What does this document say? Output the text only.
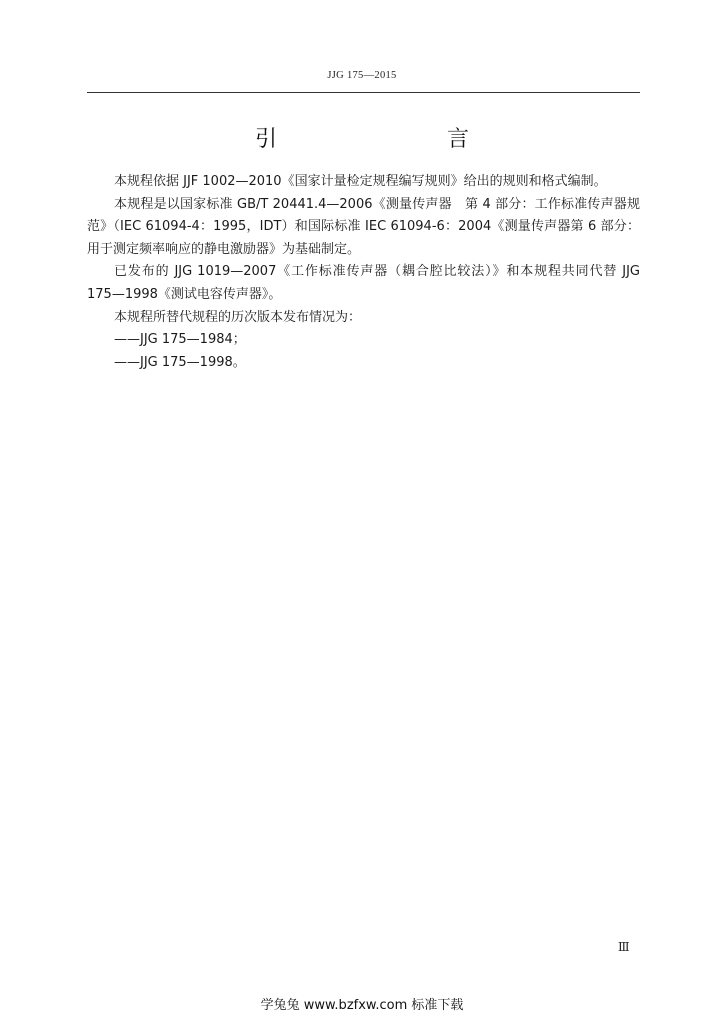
JJG 175—2015
引　　言

本规程依据 JJF 1002—2010《国家计量检定规程编写规则》给出的规则和格式编制。

本规程是以国家标准 GB/T 20441.4—2006《测量传声器　第 4 部分：工作标准传声器规范》（IEC 61094-4：1995，IDT）和国际标准 IEC 61094-6：2004《测量传声器第 6 部分：用于测定频率响应的静电激励器》为基础制定。

已发布的 JJG 1019—2007《工作标准传声器（耦合腔比较法）》和本规程共同代替 JJG 175—1998《测试电容传声器》。

本规程所替代规程的历次版本发布情况为：

——JJG 175—1984；

——JJG 175—1998。

Ⅲ
学兔兔 www.bzfxw.com 标准下载
